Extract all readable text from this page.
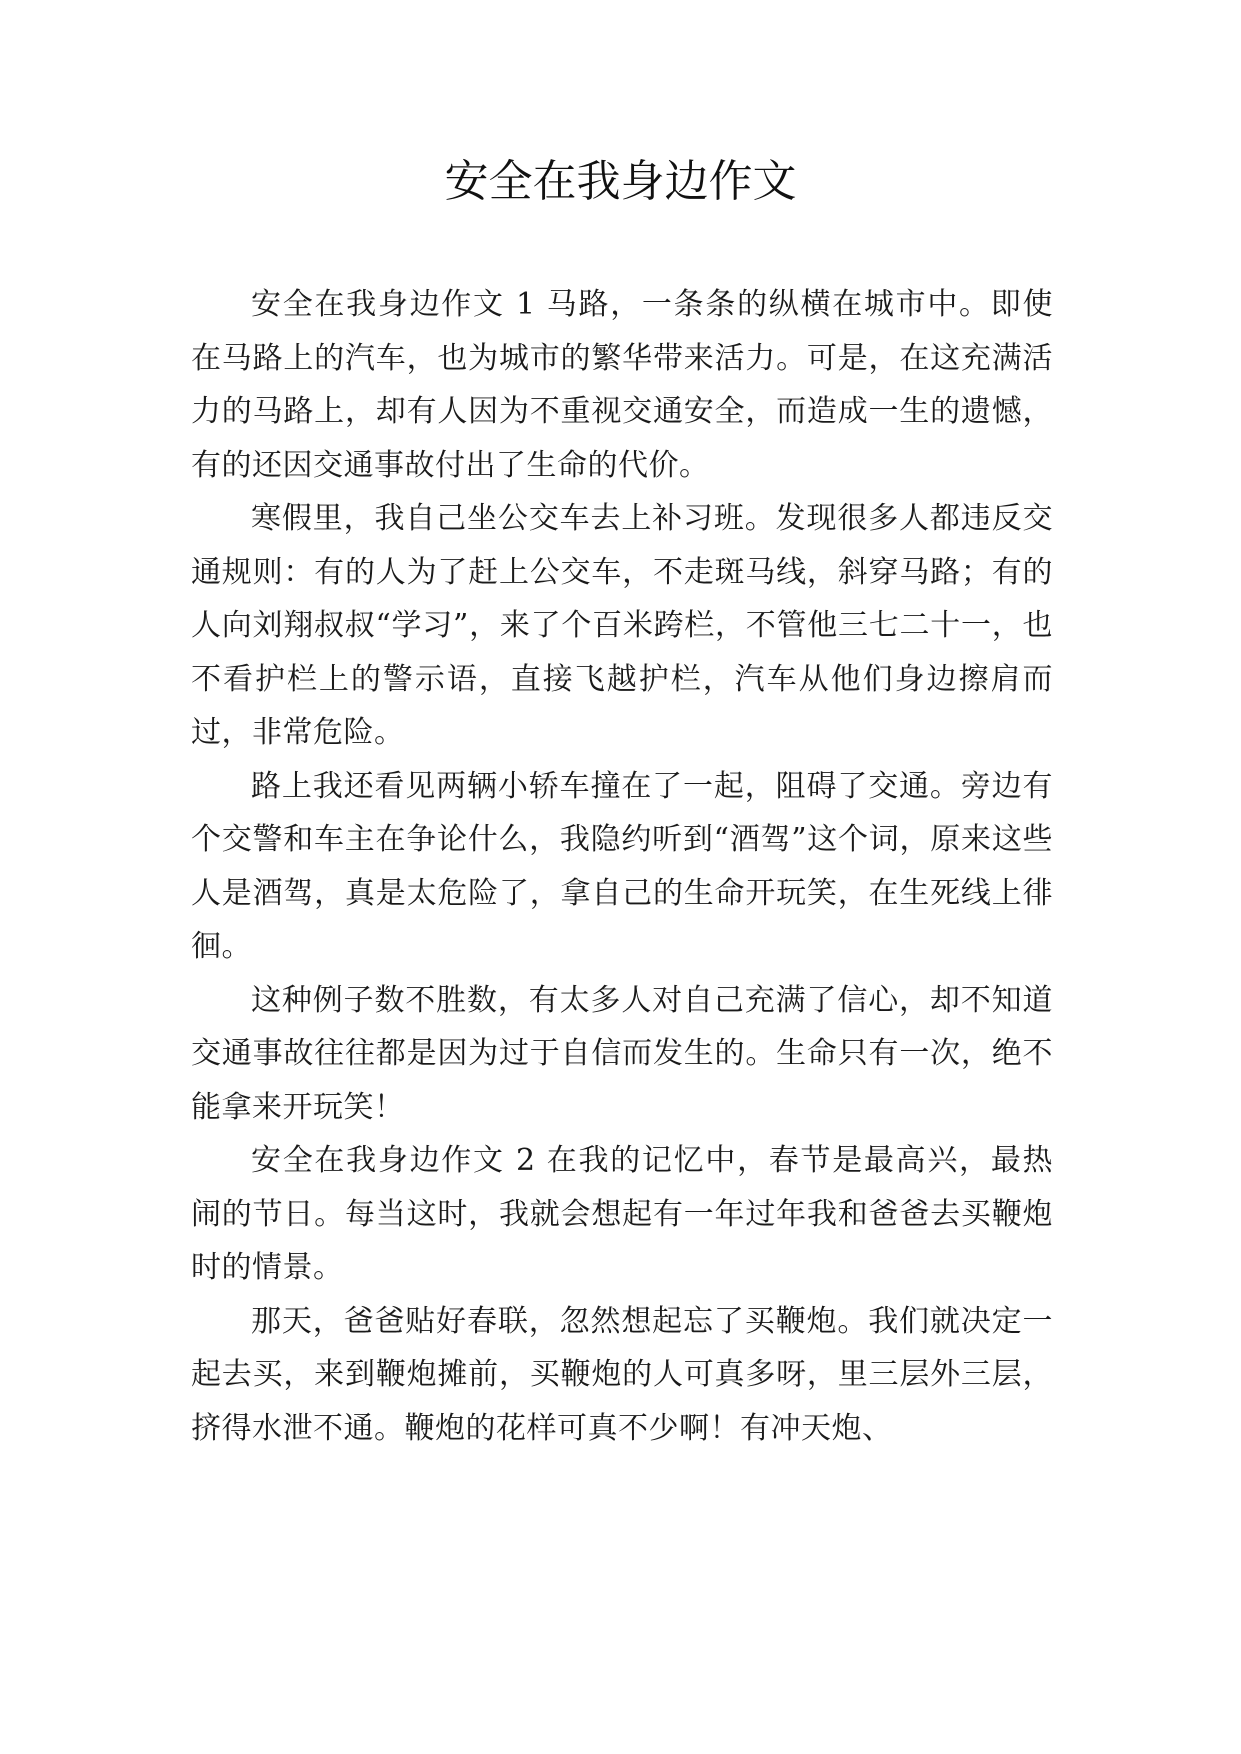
安全在我身边作文

安全在我身边作文 1 马路，一条条的纵横在城市中。即使在马路上的汽车，也为城市的繁华带来活力。可是，在这充满活力的马路上，却有人因为不重视交通安全，而造成一生的遗憾，有的还因交通事故付出了生命的代价。

寒假里，我自己坐公交车去上补习班。发现很多人都违反交通规则：有的人为了赶上公交车，不走斑马线，斜穿马路；有的人向刘翔叔叔“学习”，来了个百米跨栏，不管他三七二十一，也不看护栏上的警示语，直接飞越护栏，汽车从他们身边擦肩而过，非常危险。

路上我还看见两辆小轿车撞在了一起，阻碍了交通。旁边有个交警和车主在争论什么，我隐约听到“酒驾”这个词，原来这些人是酒驾，真是太危险了，拿自己的生命开玩笑，在生死线上徘徊。

这种例子数不胜数，有太多人对自己充满了信心，却不知道交通事故往往都是因为过于自信而发生的。生命只有一次，绝不能拿来开玩笑！

安全在我身边作文 2 在我的记忆中，春节是最高兴，最热闹的节日。每当这时，我就会想起有一年过年我和爸爸去买鞭炮时的情景。

那天，爸爸贴好春联，忽然想起忘了买鞭炮。我们就决定一起去买，来到鞭炮摊前，买鞭炮的人可真多呀，里三层外三层，挤得水泄不通。鞭炮的花样可真不少啊！有冲天炮、
